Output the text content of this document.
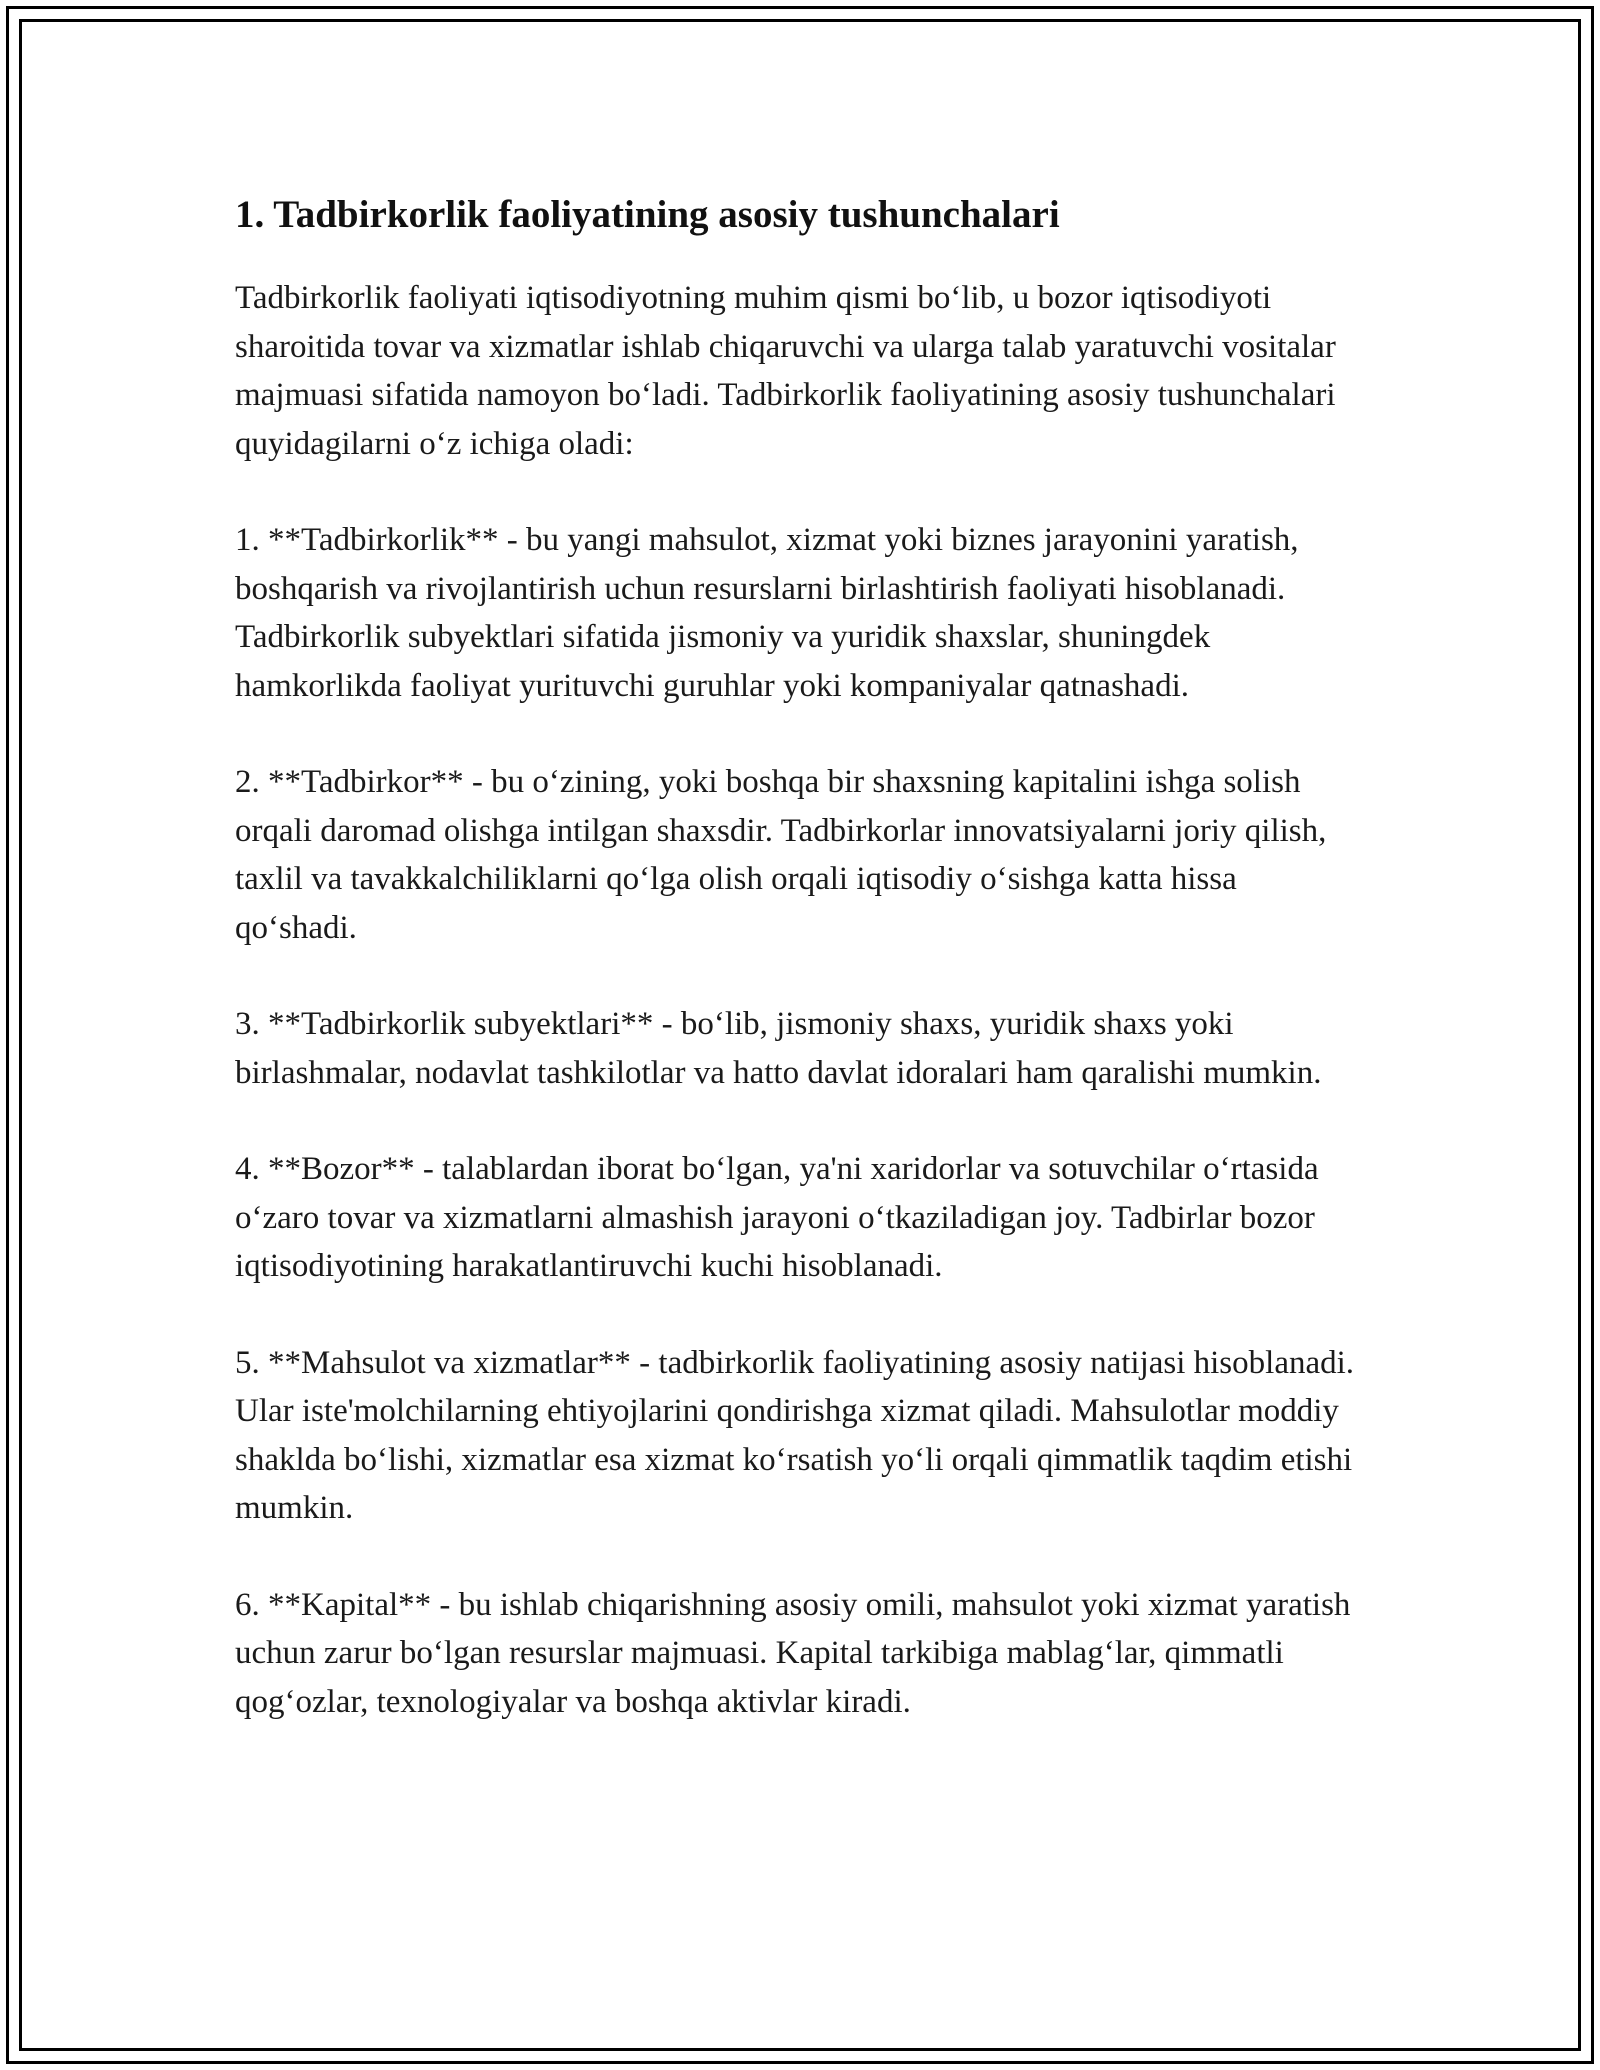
1. Tadbirkorlik faoliyatining asosiy tushunchalari

Tadbirkorlik faoliyati iqtisodiyotning muhim qismi bo‘lib, u bozor iqtisodiyoti sharoitida tovar va xizmatlar ishlab chiqaruvchi va ularga talab yaratuvchi vositalar majmuasi sifatida namoyon bo‘ladi. Tadbirkorlik faoliyatining asosiy tushunchalari quyidagilarni o‘z ichiga oladi:

1. **Tadbirkorlik** - bu yangi mahsulot, xizmat yoki biznes jarayonini yaratish, boshqarish va rivojlantirish uchun resurslarni birlashtirish faoliyati hisoblanadi. Tadbirkorlik subyektlari sifatida jismoniy va yuridik shaxslar, shuningdek hamkorlikda faoliyat yurituvchi guruhlar yoki kompaniyalar qatnashadi.

2. **Tadbirkor** - bu o‘zining, yoki boshqa bir shaxsning kapitalini ishga solish orqali daromad olishga intilgan shaxsdir. Tadbirkorlar innovatsiyalarni joriy qilish, taxlil va tavakkalchiliklarni qo‘lga olish orqali iqtisodiy o‘sishga katta hissa qo‘shadi.

3. **Tadbirkorlik subyektlari** - bo‘lib, jismoniy shaxs, yuridik shaxs yoki birlashmalar, nodavlat tashkilotlar va hatto davlat idoralari ham qaralishi mumkin.

4. **Bozor** - talablardan iborat bo‘lgan, ya'ni xaridorlar va sotuvchilar o‘rtasida o‘zaro tovar va xizmatlarni almashish jarayoni o‘tkaziladigan joy. Tadbirlar bozor iqtisodiyotining harakatlantiruvchi kuchi hisoblanadi.

5. **Mahsulot va xizmatlar** - tadbirkorlik faoliyatining asosiy natijasi hisoblanadi. Ular iste'molchilarning ehtiyojlarini qondirishga xizmat qiladi. Mahsulotlar moddiy shaklda bo‘lishi, xizmatlar esa xizmat ko‘rsatish yo‘li orqali qimmatlik taqdim etishi mumkin.

6. **Kapital** - bu ishlab chiqarishning asosiy omili, mahsulot yoki xizmat yaratish uchun zarur bo‘lgan resurslar majmuasi. Kapital tarkibiga mablag‘lar, qimmatli qog‘ozlar, texnologiyalar va boshqa aktivlar kiradi.
